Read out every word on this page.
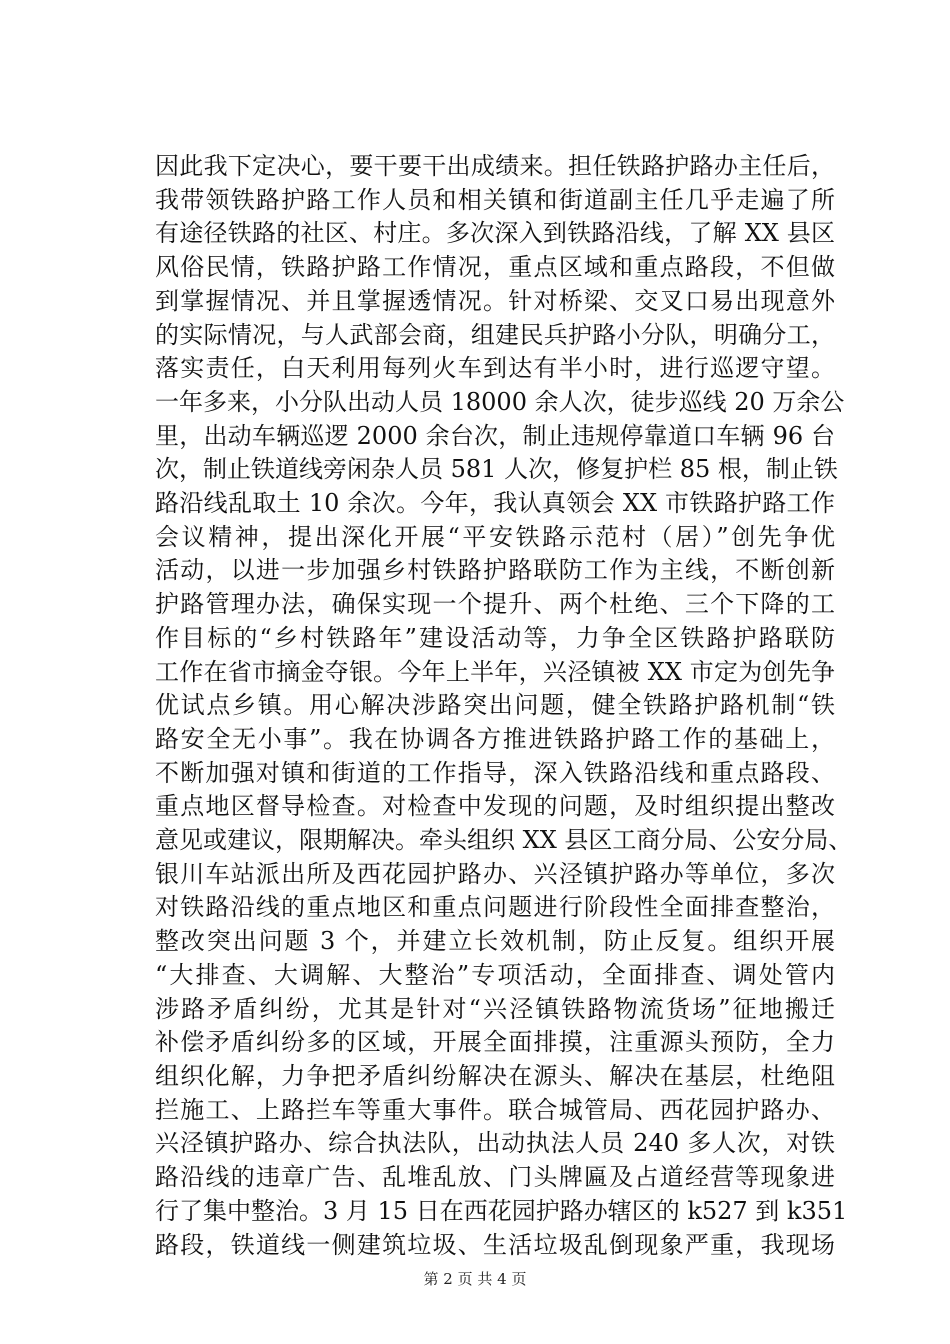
因此我下定决心，要干要干出成绩来。担任铁路护路办主任后，
我带领铁路护路工作人员和相关镇和街道副主任几乎走遍了所
有途径铁路的社区、村庄。多次深入到铁路沿线，了解 XX 县区
风俗民情，铁路护路工作情况，重点区域和重点路段，不但做
到掌握情况、并且掌握透情况。针对桥梁、交叉口易出现意外
的实际情况，与人武部会商，组建民兵护路小分队，明确分工，
落实责任，白天利用每列火车到达有半小时，进行巡逻守望。
一年多来，小分队出动人员 18000 余人次，徒步巡线 20 万余公
里，出动车辆巡逻 2000 余台次，制止违规停靠道口车辆 96 台
次，制止铁道线旁闲杂人员 581 人次，修复护栏 85 根，制止铁
路沿线乱取土 10 余次。今年，我认真领会 XX 市铁路护路工作
会议精神，提出深化开展“平安铁路示范村（居）”创先争优
活动，以进一步加强乡村铁路护路联防工作为主线，不断创新
护路管理办法，确保实现一个提升、两个杜绝、三个下降的工
作目标的“乡村铁路年”建设活动等，力争全区铁路护路联防
工作在省市摘金夺银。今年上半年，兴泾镇被 XX 市定为创先争
优试点乡镇。用心解决涉路突出问题，健全铁路护路机制“铁
路安全无小事”。我在协调各方推进铁路护路工作的基础上，
不断加强对镇和街道的工作指导，深入铁路沿线和重点路段、
重点地区督导检查。对检查中发现的问题，及时组织提出整改
意见或建议，限期解决。牵头组织 XX 县区工商分局、公安分局、
银川车站派出所及西花园护路办、兴泾镇护路办等单位，多次
对铁路沿线的重点地区和重点问题进行阶段性全面排查整治，
整改突出问题 3 个，并建立长效机制，防止反复。组织开展
“大排查、大调解、大整治”专项活动，全面排查、调处管内
涉路矛盾纠纷，尤其是针对“兴泾镇铁路物流货场”征地搬迁
补偿矛盾纠纷多的区域，开展全面排摸，注重源头预防，全力
组织化解，力争把矛盾纠纷解决在源头、解决在基层，杜绝阻
拦施工、上路拦车等重大事件。联合城管局、西花园护路办、
兴泾镇护路办、综合执法队，出动执法人员 240 多人次，对铁
路沿线的违章广告、乱堆乱放、门头牌匾及占道经营等现象进
行了集中整治。3 月 15 日在西花园护路办辖区的 k527 到 k351
路段，铁道线一侧建筑垃圾、生活垃圾乱倒现象严重，我现场
第 2 页 共 4 页
